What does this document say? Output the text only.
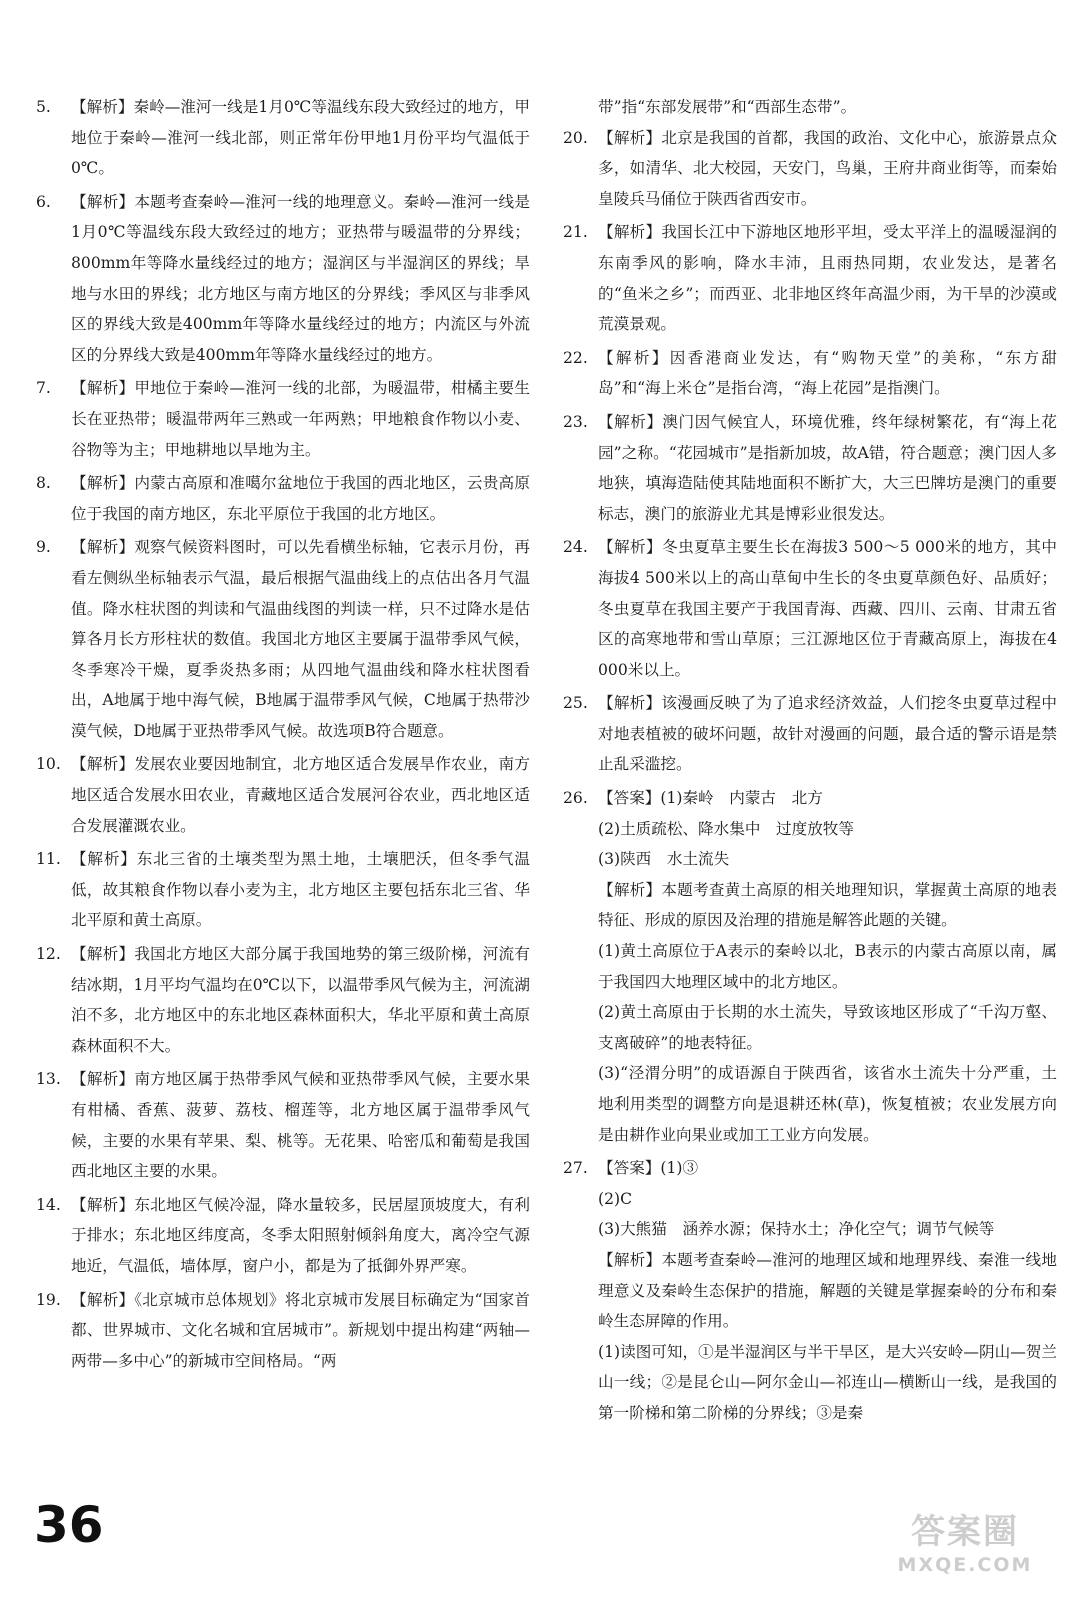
5. 【解析】秦岭—淮河一线是1月0℃等温线东段大致经过的地方，甲地位于秦岭—淮河一线北部，则正常年份甲地1月份平均气温低于0℃。
6. 【解析】本题考查秦岭—淮河一线的地理意义。秦岭—淮河一线是1月0℃等温线东段大致经过的地方；亚热带与暖温带的分界线；800mm年等降水量线经过的地方；湿润区与半湿润区的界线；旱地与水田的界线；北方地区与南方地区的分界线；季风区与非季风区的界线大致是400mm年等降水量线经过的地方；内流区与外流区的分界线大致是400mm年等降水量线经过的地方。
7. 【解析】甲地位于秦岭—淮河一线的北部，为暖温带，柑橘主要生长在亚热带；暖温带两年三熟或一年两熟；甲地粮食作物以小麦、谷物等为主；甲地耕地以旱地为主。
8. 【解析】内蒙古高原和准噶尔盆地位于我国的西北地区，云贵高原位于我国的南方地区，东北平原位于我国的北方地区。
9. 【解析】观察气候资料图时，可以先看横坐标轴，它表示月份，再看左侧纵坐标轴表示气温，最后根据气温曲线上的点估出各月气温值。降水柱状图的判读和气温曲线图的判读一样，只不过降水是估算各月长方形柱状的数值。我国北方地区主要属于温带季风气候，冬季寒冷干燥，夏季炎热多雨；从四地气温曲线和降水柱状图看出，A地属于地中海气候，B地属于温带季风气候，C地属于热带沙漠气候，D地属于亚热带季风气候。故选项B符合题意。
10. 【解析】发展农业要因地制宜，北方地区适合发展旱作农业，南方地区适合发展水田农业，青藏地区适合发展河谷农业，西北地区适合发展灌溉农业。
11. 【解析】东北三省的土壤类型为黑土地，土壤肥沃，但冬季气温低，故其粮食作物以春小麦为主，北方地区主要包括东北三省、华北平原和黄土高原。
12. 【解析】我国北方地区大部分属于我国地势的第三级阶梯，河流有结冰期，1月平均气温均在0℃以下，以温带季风气候为主，河流湖泊不多，北方地区中的东北地区森林面积大，华北平原和黄土高原森林面积不大。
13. 【解析】南方地区属于热带季风气候和亚热带季风气候，主要水果有柑橘、香蕉、菠萝、荔枝、榴莲等，北方地区属于温带季风气候，主要的水果有苹果、梨、桃等。无花果、哈密瓜和葡萄是我国西北地区主要的水果。
14. 【解析】东北地区气候冷湿，降水量较多，民居屋顶坡度大，有利于排水；东北地区纬度高，冬季太阳照射倾斜角度大，离冷空气源地近，气温低，墙体厚，窗户小，都是为了抵御外界严寒。
19. 【解析】《北京城市总体规划》将北京城市发展目标确定为“国家首都、世界城市、文化名城和宜居城市”。新规划中提出构建“两轴—两带—多中心”的新城市空间格局。“两
带”指“东部发展带”和“西部生态带”。
20. 【解析】北京是我国的首都，我国的政治、文化中心，旅游景点众多，如清华、北大校园，天安门，鸟巢，王府井商业街等，而秦始皇陵兵马俑位于陕西省西安市。
21. 【解析】我国长江中下游地区地形平坦，受太平洋上的温暖湿润的东南季风的影响，降水丰沛，且雨热同期，农业发达，是著名的“鱼米之乡”；而西亚、北非地区终年高温少雨，为干旱的沙漠或荒漠景观。
22. 【解析】因香港商业发达，有“购物天堂”的美称，“东方甜岛”和“海上米仓”是指台湾，“海上花园”是指澳门。
23. 【解析】澳门因气候宜人，环境优雅，终年绿树繁花，有“海上花园”之称。“花园城市”是指新加坡，故A错，符合题意；澳门因人多地狭，填海造陆使其陆地面积不断扩大，大三巴牌坊是澳门的重要标志，澳门的旅游业尤其是博彩业很发达。
24. 【解析】冬虫夏草主要生长在海拔3 500～5 000米的地方，其中海拔4 500米以上的高山草甸中生长的冬虫夏草颜色好、品质好；冬虫夏草在我国主要产于我国青海、西藏、四川、云南、甘肃五省区的高寒地带和雪山草原；三江源地区位于青藏高原上，海拔在4 000米以上。
25. 【解析】该漫画反映了为了追求经济效益，人们挖冬虫夏草过程中对地表植被的破坏问题，故针对漫画的问题，最合适的警示语是禁止乱采滥挖。
26. 【答案】(1)秦岭　内蒙古　北方
(2)土质疏松、降水集中　过度放牧等
(3)陕西　水土流失
【解析】本题考查黄土高原的相关地理知识，掌握黄土高原的地表特征、形成的原因及治理的措施是解答此题的关键。
(1)黄土高原位于A表示的秦岭以北，B表示的内蒙古高原以南，属于我国四大地理区域中的北方地区。
(2)黄土高原由于长期的水土流失，导致该地区形成了“千沟万壑、支离破碎”的地表特征。
(3)“泾渭分明”的成语源自于陕西省，该省水土流失十分严重，土地利用类型的调整方向是退耕还林(草)，恢复植被；农业发展方向是由耕作业向果业或加工工业方向发展。
27. 【答案】(1)③
(2)C
(3)大熊猫　涵养水源；保持水土；净化空气；调节气候等
【解析】本题考查秦岭—淮河的地理区域和地理界线、秦淮一线地理意义及秦岭生态保护的措施，解题的关键是掌握秦岭的分布和秦岭生态屏障的作用。
(1)读图可知，①是半湿润区与半干旱区，是大兴安岭—阴山—贺兰山一线；②是昆仑山—阿尔金山—祁连山—横断山一线，是我国的第一阶梯和第二阶梯的分界线；③是秦
36	答案圈
MXQE.COM
